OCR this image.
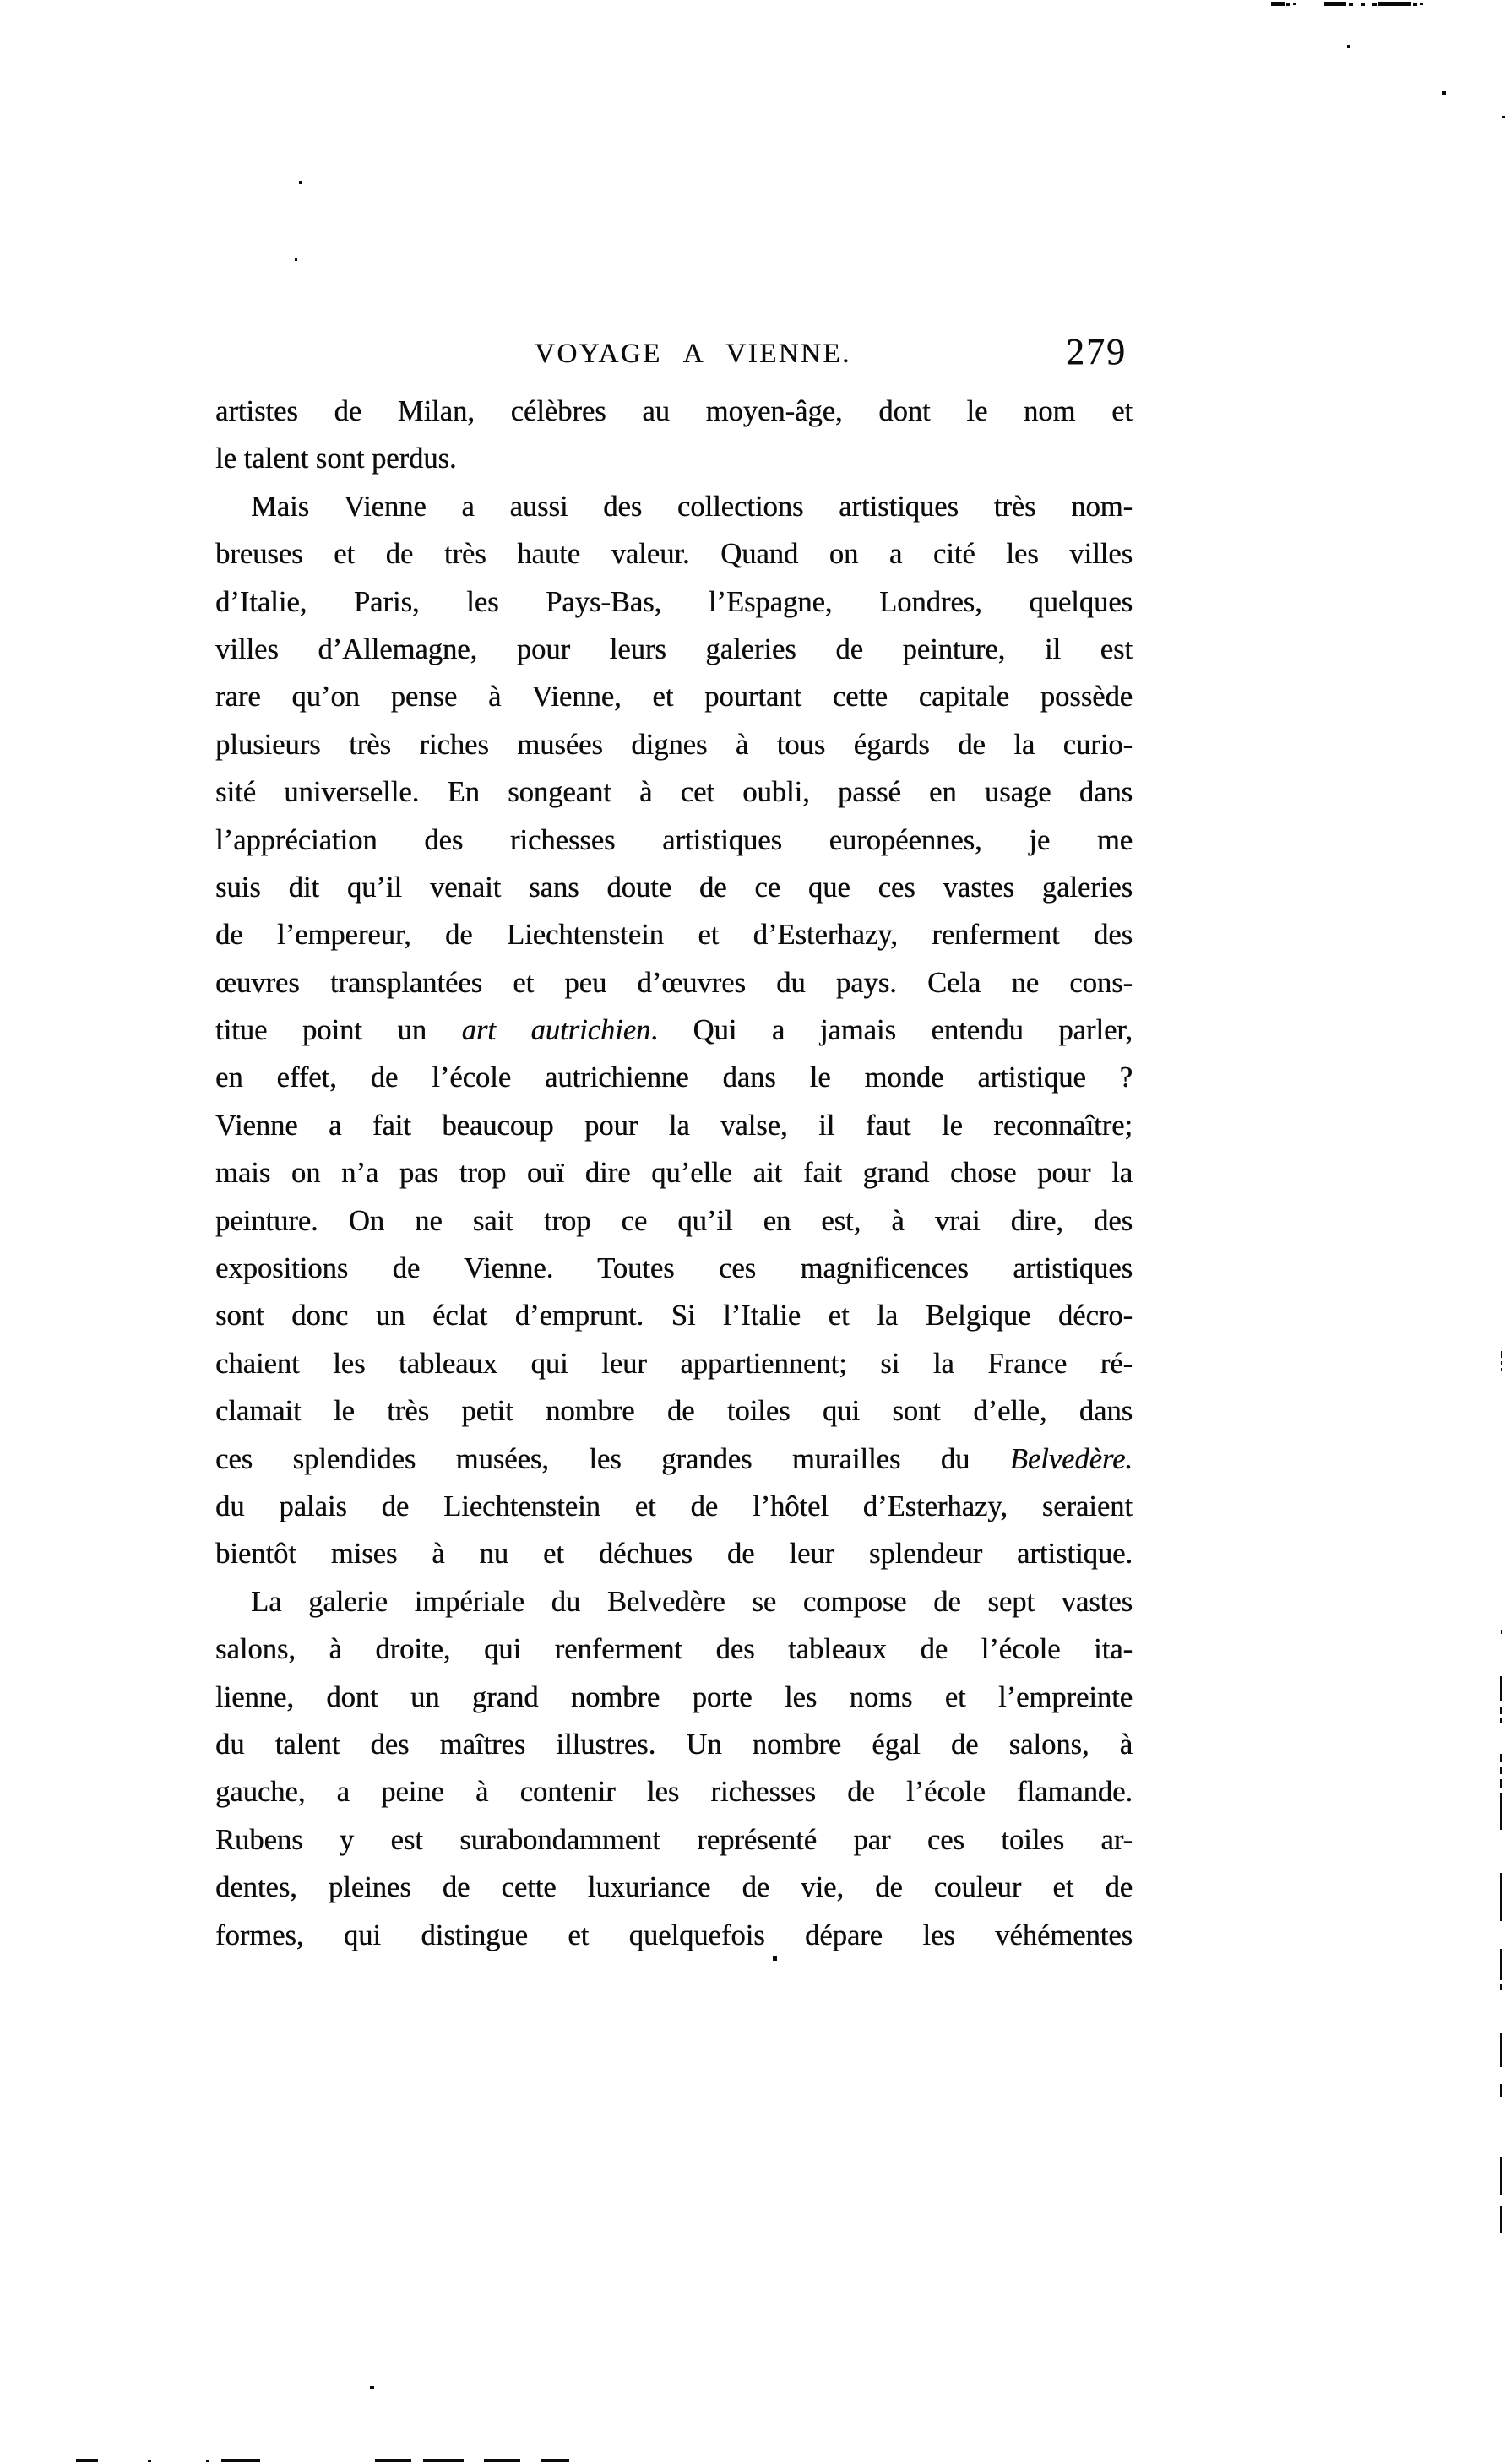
VOYAGE A VIENNE.	279
artistes de Milan, célèbres au moyen-âge, dont le nom et
le talent sont perdus.
Mais Vienne a aussi des collections artistiques très nom-
breuses et de très haute valeur. Quand on a cité les villes
d’Italie, Paris, les Pays-Bas, l’Espagne, Londres, quelques
villes d’Allemagne, pour leurs galeries de peinture, il est
rare qu’on pense à Vienne, et pourtant cette capitale possède
plusieurs très riches musées dignes à tous égards de la curio-
sité universelle. En songeant à cet oubli, passé en usage dans
l’appréciation des richesses artistiques européennes, je me
suis dit qu’il venait sans doute de ce que ces vastes galeries
de l’empereur, de Liechtenstein et d’Esterhazy, renferment des
œuvres transplantées et peu d’œuvres du pays. Cela ne cons-
titue point un art autrichien. Qui a jamais entendu parler,
en effet, de l’école autrichienne dans le monde artistique ?
Vienne a fait beaucoup pour la valse, il faut le reconnaître;
mais on n’a pas trop ouï dire qu’elle ait fait grand chose pour la
peinture. On ne sait trop ce qu’il en est, à vrai dire, des
expositions de Vienne. Toutes ces magnificences artistiques
sont donc un éclat d’emprunt. Si l’Italie et la Belgique décro-
chaient les tableaux qui leur appartiennent; si la France ré-
clamait le très petit nombre de toiles qui sont d’elle, dans
ces splendides musées, les grandes murailles du Belvedère.
du palais de Liechtenstein et de l’hôtel d’Esterhazy, seraient
bientôt mises à nu et déchues de leur splendeur artistique.
La galerie impériale du Belvedère se compose de sept vastes
salons, à droite, qui renferment des tableaux de l’école ita-
lienne, dont un grand nombre porte les noms et l’empreinte
du talent des maîtres illustres. Un nombre égal de salons, à
gauche, a peine à contenir les richesses de l’école flamande.
Rubens y est surabondamment représenté par ces toiles ar-
dentes, pleines de cette luxuriance de vie, de couleur et de
formes, qui distingue et quelquefois dépare les véhémentes
